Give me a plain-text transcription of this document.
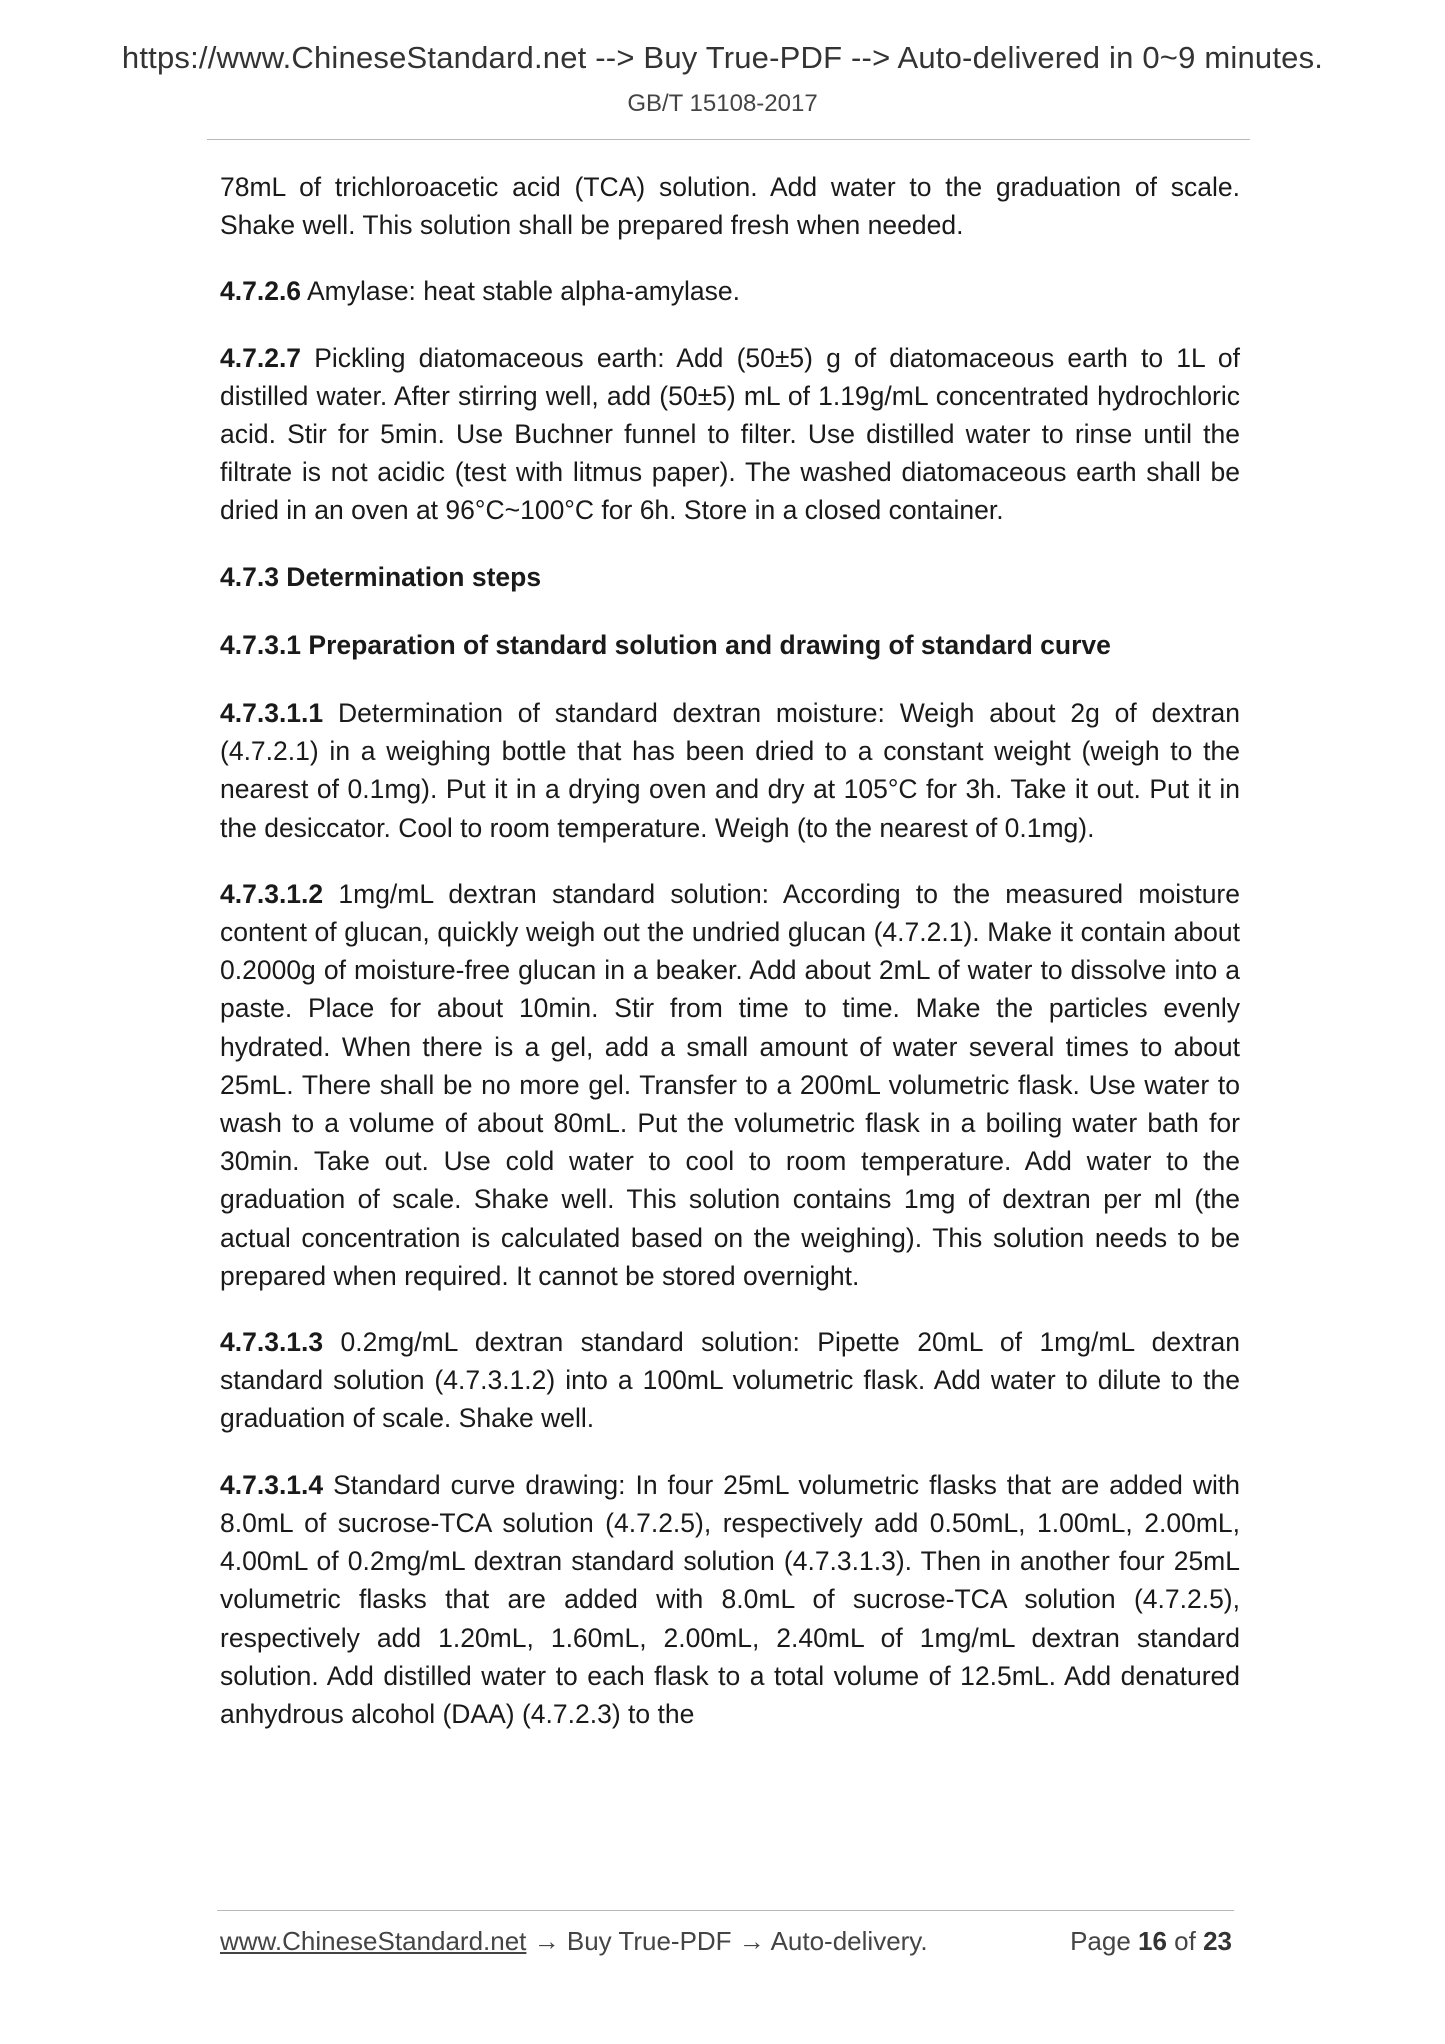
https://www.ChineseStandard.net --> Buy True-PDF --> Auto-delivered in 0~9 minutes.
GB/T 15108-2017

78mL of trichloroacetic acid (TCA) solution. Add water to the graduation of scale. Shake well. This solution shall be prepared fresh when needed.

4.7.2.6 Amylase: heat stable alpha-amylase.

4.7.2.7 Pickling diatomaceous earth: Add (50±5) g of diatomaceous earth to 1L of distilled water. After stirring well, add (50±5) mL of 1.19g/mL concentrated hydrochloric acid. Stir for 5min. Use Buchner funnel to filter. Use distilled water to rinse until the filtrate is not acidic (test with litmus paper). The washed diatomaceous earth shall be dried in an oven at 96°C~100°C for 6h. Store in a closed container.

4.7.3 Determination steps
4.7.3.1 Preparation of standard solution and drawing of standard curve

4.7.3.1.1 Determination of standard dextran moisture: Weigh about 2g of dextran (4.7.2.1) in a weighing bottle that has been dried to a constant weight (weigh to the nearest of 0.1mg). Put it in a drying oven and dry at 105°C for 3h. Take it out. Put it in the desiccator. Cool to room temperature. Weigh (to the nearest of 0.1mg).

4.7.3.1.2 1mg/mL dextran standard solution: According to the measured moisture content of glucan, quickly weigh out the undried glucan (4.7.2.1). Make it contain about 0.2000g of moisture-free glucan in a beaker. Add about 2mL of water to dissolve into a paste. Place for about 10min. Stir from time to time. Make the particles evenly hydrated. When there is a gel, add a small amount of water several times to about 25mL. There shall be no more gel. Transfer to a 200mL volumetric flask. Use water to wash to a volume of about 80mL. Put the volumetric flask in a boiling water bath for 30min. Take out. Use cold water to cool to room temperature. Add water to the graduation of scale. Shake well. This solution contains 1mg of dextran per ml (the actual concentration is calculated based on the weighing). This solution needs to be prepared when required. It cannot be stored overnight.

4.7.3.1.3 0.2mg/mL dextran standard solution: Pipette 20mL of 1mg/mL dextran standard solution (4.7.3.1.2) into a 100mL volumetric flask. Add water to dilute to the graduation of scale. Shake well.

4.7.3.1.4 Standard curve drawing: In four 25mL volumetric flasks that are added with 8.0mL of sucrose-TCA solution (4.7.2.5), respectively add 0.50mL, 1.00mL, 2.00mL, 4.00mL of 0.2mg/mL dextran standard solution (4.7.3.1.3). Then in another four 25mL volumetric flasks that are added with 8.0mL of sucrose-TCA solution (4.7.2.5), respectively add 1.20mL, 1.60mL, 2.00mL, 2.40mL of 1mg/mL dextran standard solution. Add distilled water to each flask to a total volume of 12.5mL. Add denatured anhydrous alcohol (DAA) (4.7.2.3) to the

www.ChineseStandard.net → Buy True-PDF → Auto-delivery.	Page 16 of 23
